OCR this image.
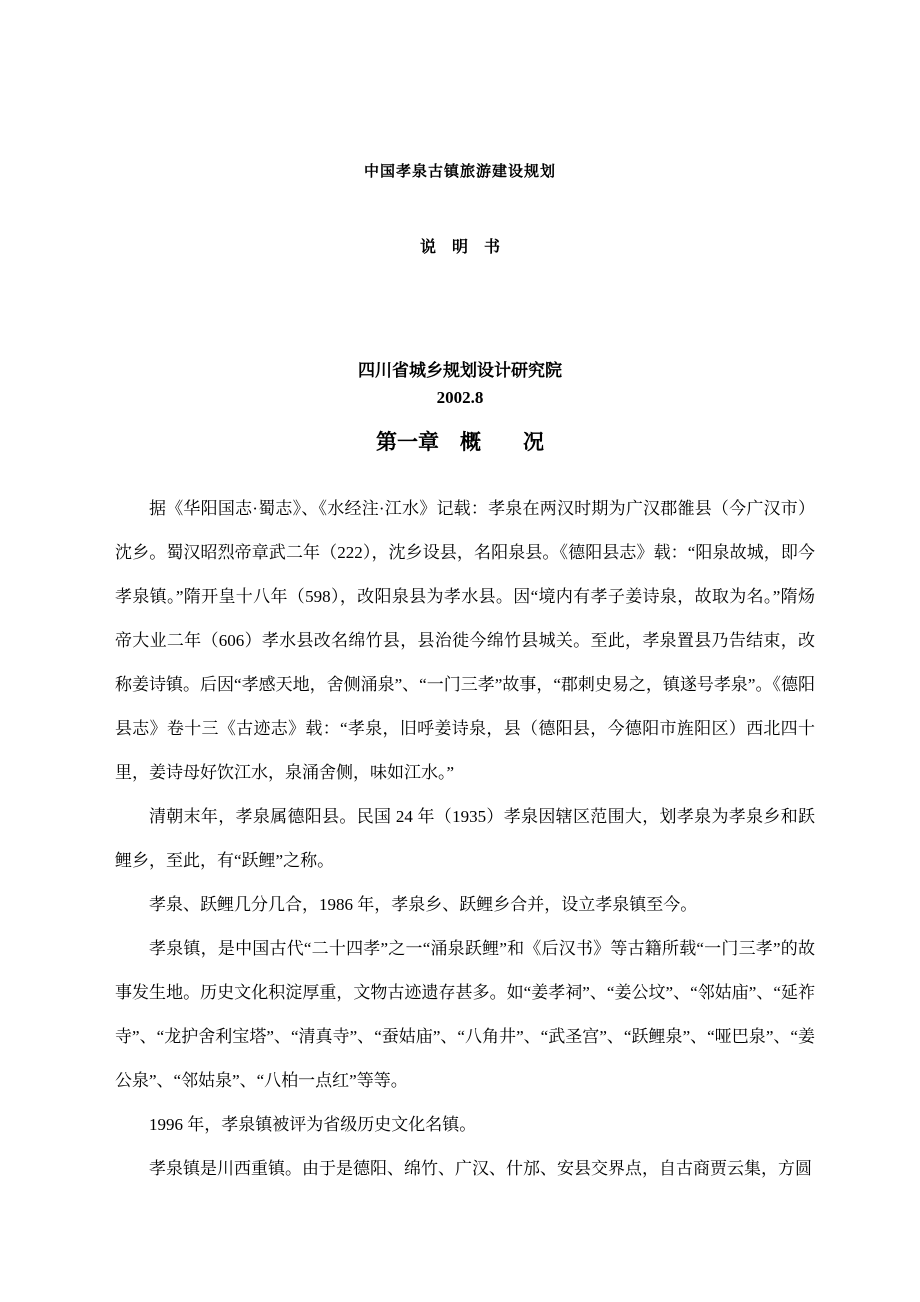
中国孝泉古镇旅游建设规划
说　明　书
四川省城乡规划设计研究院
2002.8
第一章　概　　况

据《华阳国志·蜀志》、《水经注·江水》记载：孝泉在两汉时期为广汉郡雒县（今广汉市）沈乡。蜀汉昭烈帝章武二年（222），沈乡设县，名阳泉县。《德阳县志》载：“阳泉故城，即今孝泉镇。”隋开皇十八年（598），改阳泉县为孝水县。因“境内有孝子姜诗泉，故取为名。”隋炀帝大业二年（606）孝水县改名绵竹县，县治徙今绵竹县城关。至此，孝泉置县乃告结束，改称姜诗镇。后因“孝感天地，舍侧涌泉”、“一门三孝”故事，“郡刺史易之，镇遂号孝泉”。《德阳县志》卷十三《古迹志》载：“孝泉，旧呼姜诗泉，县（德阳县，今德阳市旌阳区）西北四十里，姜诗母好饮江水，泉涌舍侧，味如江水。”

清朝末年，孝泉属德阳县。民国 24 年（1935）孝泉因辖区范围大，划孝泉为孝泉乡和跃鲤乡，至此，有“跃鲤”之称。

孝泉、跃鲤几分几合，1986 年，孝泉乡、跃鲤乡合并，设立孝泉镇至今。

孝泉镇，是中国古代“二十四孝”之一“涌泉跃鲤”和《后汉书》等古籍所载“一门三孝”的故事发生地。历史文化积淀厚重，文物古迹遗存甚多。如“姜孝祠”、“姜公坟”、“邻姑庙”、“延祚寺”、“龙护舍利宝塔”、“清真寺”、“蚕姑庙”、“八角井”、“武圣宫”、“跃鲤泉”、“哑巴泉”、“姜公泉”、“邻姑泉”、“八柏一点红”等等。

1996 年，孝泉镇被评为省级历史文化名镇。

孝泉镇是川西重镇。由于是德阳、绵竹、广汉、什邡、安县交界点，自古商贾云集，方圆
